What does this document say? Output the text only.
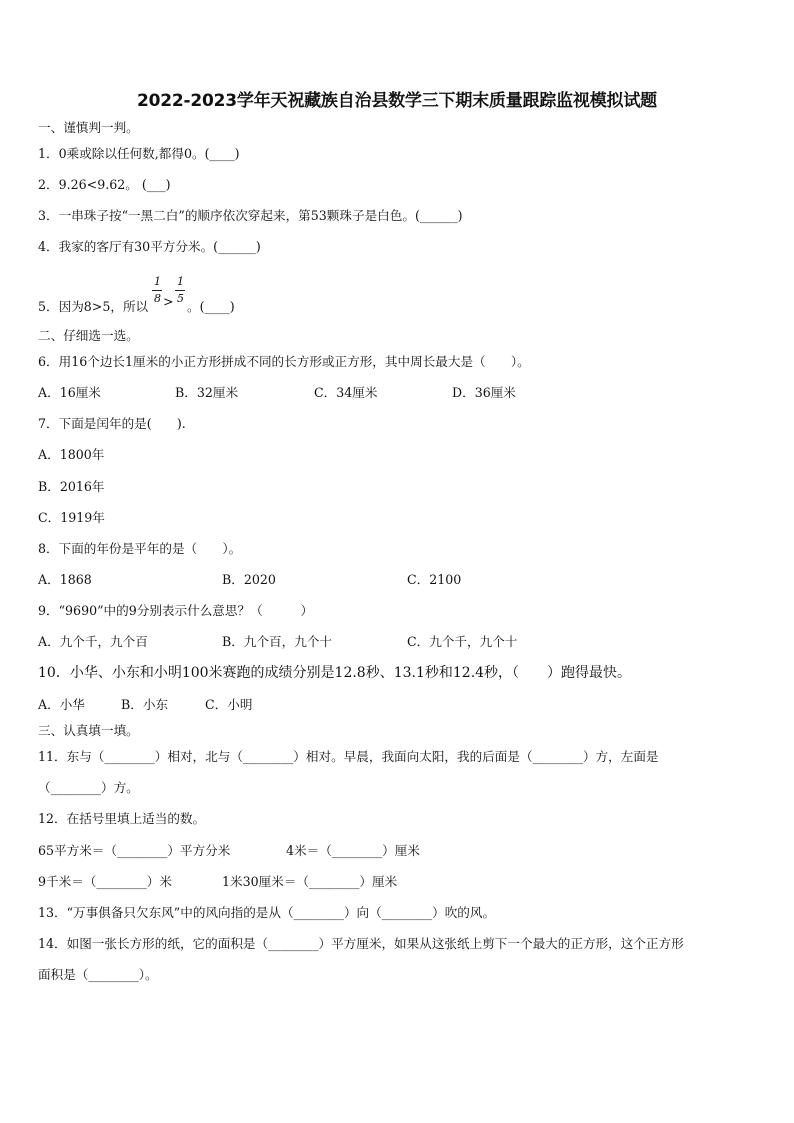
2022-2023学年天祝藏族自治县数学三下期末质量跟踪监视模拟试题
一、谨慎判一判。
1．0乘或除以任何数,都得0。(____)
2．9.26<9.62。 (___)
3．一串珠子按“一黑二白”的顺序依次穿起来，第53颗珠子是白色。(______)
4．我家的客厅有30平方分米。(______)
5．因为8>5，所以
1
8 >
1
5
。(____)
二、仔细选一选。
6．用16个边长1厘米的小正方形拼成不同的长方形或正方形，其中周长最大是（　　）。
A．16厘米	B．32厘米	C．34厘米	D．36厘米
7．下面是闰年的是(　　).
A．1800年
B．2016年
C．1919年
8．下面的年份是平年的是（　　）。
A．1868	B．2020	C．2100
9．“9690”中的9分别表示什么意思？（　　　）
A．九个千，九个百	B．九个百，九个十	C．九个千，九个十
10．小华、小东和小明100米赛跑的成绩分别是12.8秒、13.1秒和12.4秒，（　　）跑得最快。
A．小华	B．小东	C．小明
三、认真填一填。
11．东与（________）相对，北与（________）相对。早晨，我面向太阳，我的后面是（________）方，左面是
（________）方。
12．在括号里填上适当的数。
65平方米＝（________）平方分米	4米＝（________）厘米
9千米＝（________）米	1米30厘米＝（________）厘米
13．“万事俱备只欠东风”中的风向指的是从（________）向（________）吹的风。
14．如图一张长方形的纸，它的面积是（________）平方厘米，如果从这张纸上剪下一个最大的正方形，这个正方形
面积是（________）。
